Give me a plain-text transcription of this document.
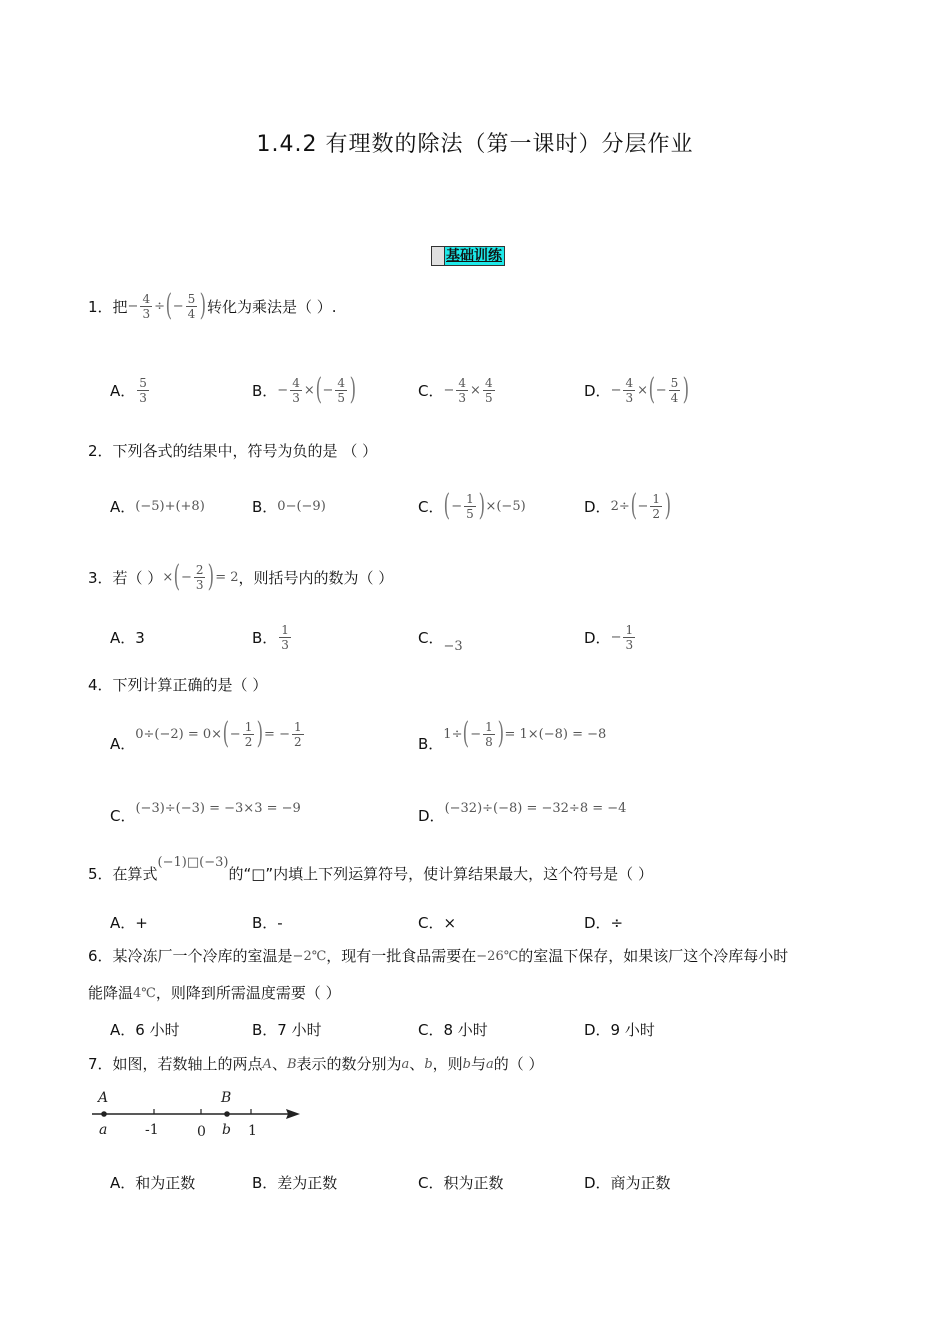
1.4.2 有理数的除法（第一课时）分层作业
基础训练
1．把 − $\frac{4}{3}$ ÷ ( − $\frac{5}{4}$ ) 转化为乘法是（ ）.
A． 5
3	B． − $\frac{4}{3}$ × ( − $\frac{4}{5}$ )	C． − $\frac{4}{3} \times \frac{4}{5}$	D． − $\frac{4}{3}$ × ( − $\frac{5}{4}$ )
2．下列各式的结果中，符号为负的是 （ ）
A． (−5)+(+8)	B． 0−(−9)	C． ( − $\frac{1}{5}$ ) ×(−5)	D． 2÷ ( − $\frac{1}{2}$ )
3．若（ ） × ( − $\frac{2}{3}$ ) = 2 ，则括号内的数为（ ）
A．3	B． 1
3	C． −3	D． − $\frac{1}{3}$
4．下列计算正确的是（ ）
A．
0÷(−2) = 0× ( − $\frac{1}{2}$ ) = − $\frac{1}{2}$	B．
1÷ ( − $\frac{1}{8}$ ) = 1×(−8) = −8
C． (−3)÷(−3) = −3×3 = −9	D． (−32)÷(−8) = −32÷8 = −4
5．在算式
(−1)□(−3)
的“□”内填上下列运算符号，使计算结果最大，这个符号是（ ）
A．+	B．-	C．×	D．÷
6．某冷冻厂一个冷库的室温是−2℃，现有一批食品需要在−26℃的室温下保存，如果该厂这个冷库每小时
能降温4℃，则降到所需温度需要（ ）
A．6 小时	B．7 小时	C．8 小时	D．9 小时
7．如图，若数轴上的两点A、B表示的数分别为a、b，则b与a的（ ）
A	B
a	-1	0 b 1
A．和为正数	B．差为正数	C．积为正数	D．商为正数
